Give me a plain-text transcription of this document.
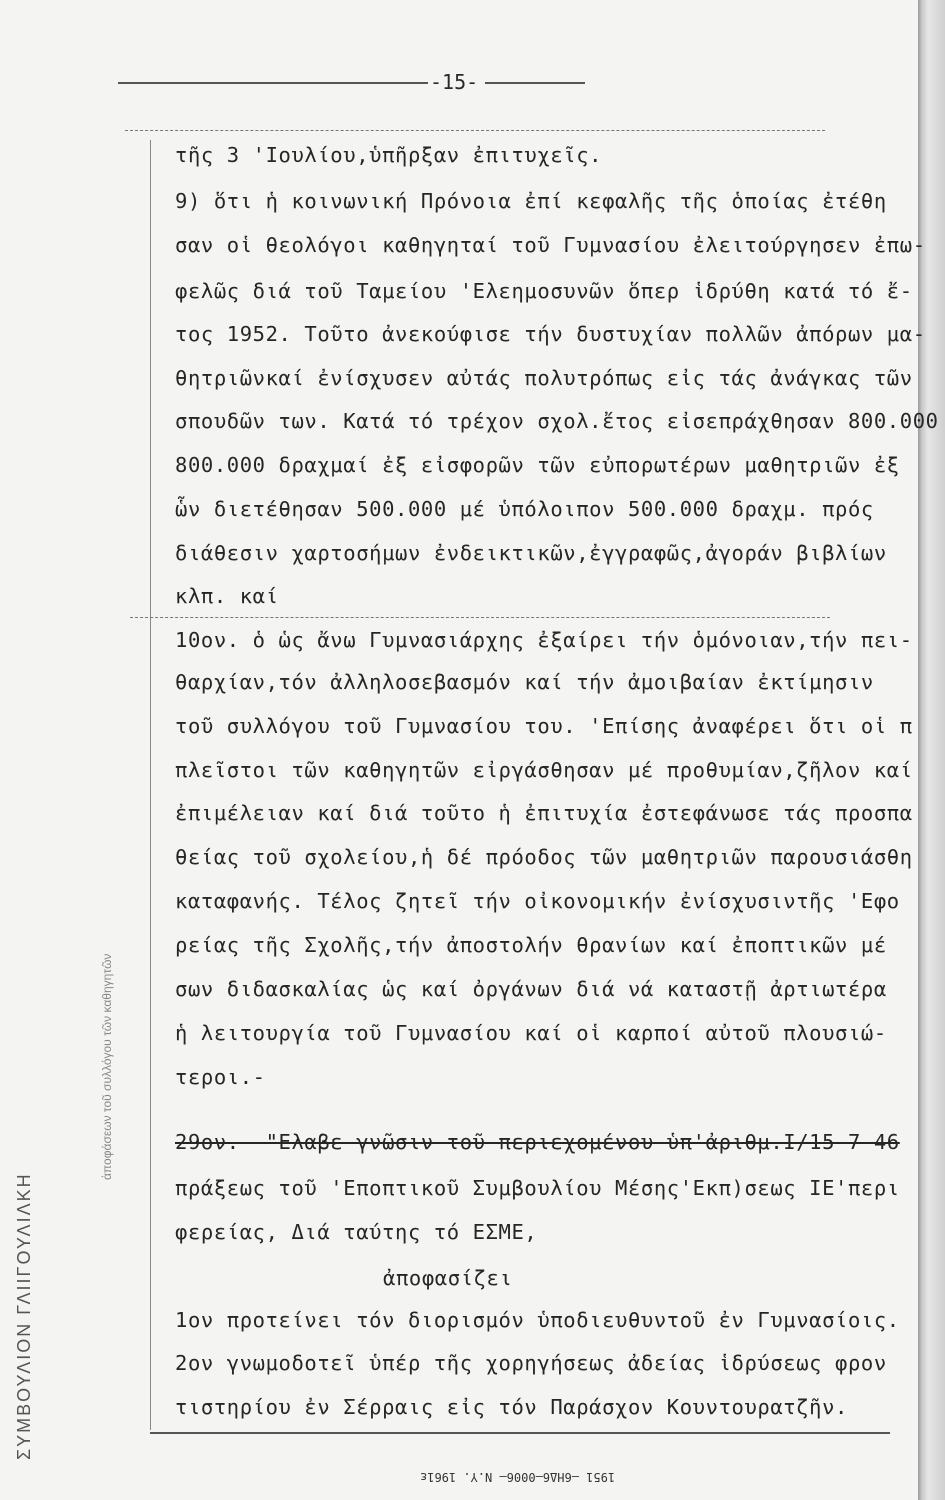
-15-
τῆς 3 'Ιουλίου,ὑπῆρξαν ἐπιτυχεῖς.
9) ὅτι ἡ κοινωνική Πρόνοια ἐπί κεφαλῆς τῆς ὁποίας ἐτέθη
σαν οἱ θεολόγοι καθηγηταί τοῦ Γυμνασίου ἐλειτούργησεν ἐπω-
φελῶς διά τοῦ Ταμείου 'Ελεημοσυνῶν ὅπερ ἱδρύθη κατά τό ἔ-
τος 1952. Τοῦτο ἀνεκούφισε τήν δυστυχίαν πολλῶν ἀπόρων μα-
θητριῶνκαί ἐνίσχυσεν αὐτάς πολυτρόπως εἰς τάς ἀνάγκας τῶν
σπουδῶν των. Κατά τό τρέχον σχολ.ἔτος εἰσεπράχθησαν 800.000
800.000 δραχμαί ἐξ εἰσφορῶν τῶν εὐπορωτέρων μαθητριῶν ἐξ
ὧν διετέθησαν 500.000 μέ ὑπόλοιπον 500.000 δραχμ. πρός
διάθεσιν χαρτοσήμων ἐνδεικτικῶν,ἐγγραφῶς,ἀγοράν βιβλίων
κλπ. καί
10ον. ὁ ὡς ἄνω Γυμνασιάρχης ἐξαίρει τήν ὁμόνοιαν,τήν πει-
θαρχίαν,τόν ἀλληλοσεβασμόν καί τήν ἀμοιβαίαν ἐκτίμησιν
τοῦ συλλόγου τοῦ Γυμνασίου του. 'Επίσης ἀναφέρει ὅτι οἱ π
πλεῖστοι τῶν καθηγητῶν εἰργάσθησαν μέ προθυμίαν,ζῆλον καί
ἐπιμέλειαν καί διά τοῦτο ἡ ἐπιτυχία ἐστεφάνωσε τάς προσπα
θείας τοῦ σχολείου,ἡ δέ πρόοδος τῶν μαθητριῶν παρουσιάσθη
καταφανής. Τέλος ζητεῖ τήν οἰκονομικήν ἐνίσχυσιντῆς 'Εφο
ρείας τῆς Σχολῆς,τήν ἀποστολήν θρανίων καί ἐποπτικῶν μέ
σων διδασκαλίας ὡς καί ὀργάνων διά νά καταστῇ ἀρτιωτέρα
ἡ λειτουργία τοῦ Γυμνασίου καί οἱ καρποί αὐτοῦ πλουσιώ-
τεροι.-
29ον.- "Ελαβε γνῶσιν τοῦ περιεχομένου ὑπ'ἀριθμ.I/15-7-46
πράξεως τοῦ 'Εποπτικοῦ Συμβουλίου Μέσης'Εκπ)σεως ΙΕ'περι
φερείας, Διά ταύτης τό ΕΣΜΕ,
ἀποφασίζει
1ον προτείνει τόν διορισμόν ὑποδιευθυντοῦ ἐν Γυμνασίοις.
2ον γνωμοδοτεῖ ὑπέρ τῆς χορηγήσεως ἀδείας ἱδρύσεως φρον
τιστηρίου ἐν Σέρραις εἰς τόν Παράσχον Κουντουρατζῆν.
1951 —6ΗΔ6—0006— Ν.Υ. 1961ε
ΣΥΜΒΟΥΛΙΟΝ ΓΛΙΙΓΟΥΛΙΛΚΗ
ἀποφάσεων τοῦ συλλόγου τῶν καθηγητῶν
